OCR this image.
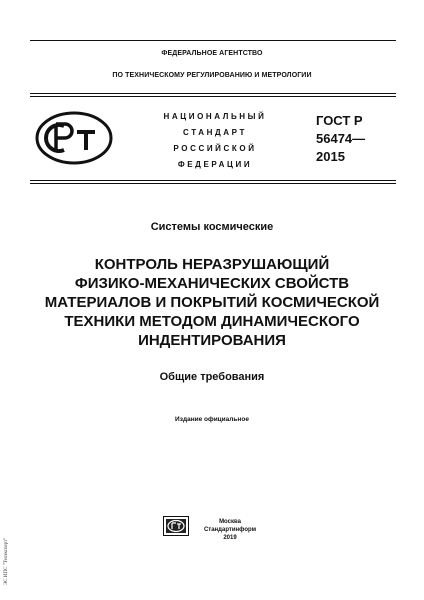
ФЕДЕРАЛЬНОЕ АГЕНТСТВО
ПО ТЕХНИЧЕСКОМУ РЕГУЛИРОВАНИЮ И МЕТРОЛОГИИ
НАЦИОНАЛЬНЫЙ
СТАНДАРТ
РОССИЙСКОЙ
ФЕДЕРАЦИИ
ГОСТ Р
56474—
2015
Системы космические
КОНТРОЛЬ НЕРАЗРУШАЮЩИЙ
ФИЗИКО-МЕХАНИЧЕСКИХ СВОЙСТВ
МАТЕРИАЛОВ И ПОКРЫТИЙ КОСМИЧЕСКОЙ
ТЕХНИКИ МЕТОДОМ ДИНАМИЧЕСКОГО
ИНДЕНТИРОВАНИЯ
Общие требования
Издание официальное
Москва
Стандартинформ
2019
ЭС ИПС "Техэксперт"
